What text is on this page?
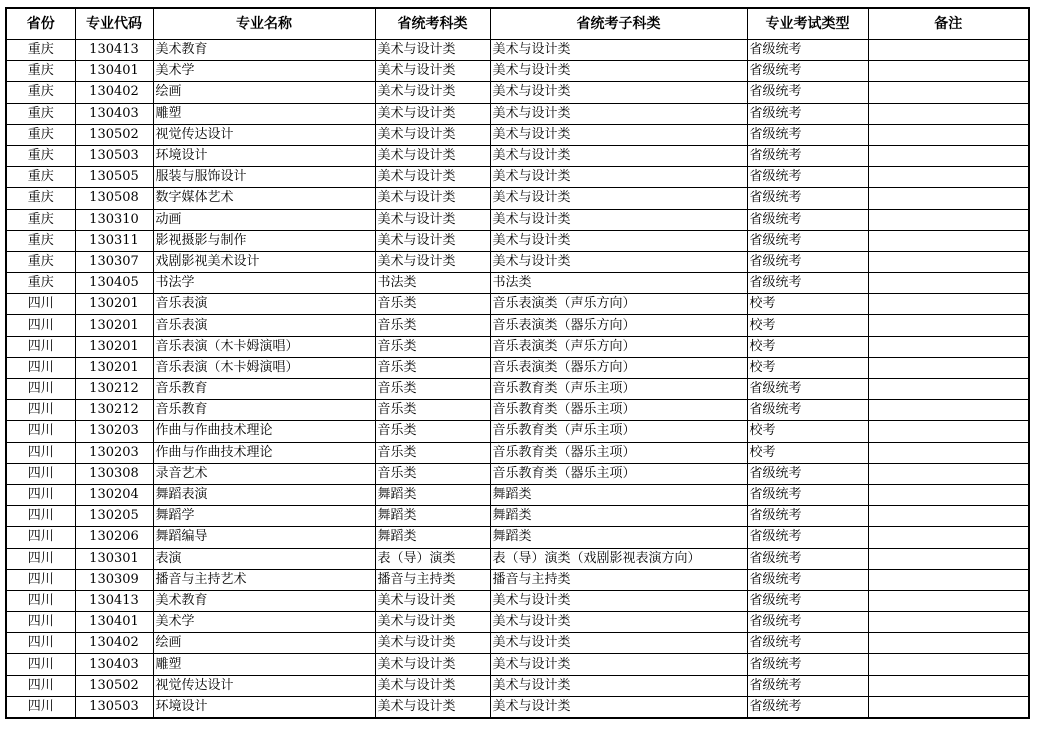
省份	专业代码	专业名称	省统考科类	省统考子科类	专业考试类型	备注
重庆	130413	美术教育	美术与设计类	美术与设计类	省级统考	
重庆	130401	美术学	美术与设计类	美术与设计类	省级统考	
重庆	130402	绘画	美术与设计类	美术与设计类	省级统考	
重庆	130403	雕塑	美术与设计类	美术与设计类	省级统考	
重庆	130502	视觉传达设计	美术与设计类	美术与设计类	省级统考	
重庆	130503	环境设计	美术与设计类	美术与设计类	省级统考	
重庆	130505	服装与服饰设计	美术与设计类	美术与设计类	省级统考	
重庆	130508	数字媒体艺术	美术与设计类	美术与设计类	省级统考	
重庆	130310	动画	美术与设计类	美术与设计类	省级统考	
重庆	130311	影视摄影与制作	美术与设计类	美术与设计类	省级统考	
重庆	130307	戏剧影视美术设计	美术与设计类	美术与设计类	省级统考	
重庆	130405	书法学	书法类	书法类	省级统考	
四川	130201	音乐表演	音乐类	音乐表演类（声乐方向）	校考	
四川	130201	音乐表演	音乐类	音乐表演类（器乐方向）	校考	
四川	130201	音乐表演（木卡姆演唱）	音乐类	音乐表演类（声乐方向）	校考	
四川	130201	音乐表演（木卡姆演唱）	音乐类	音乐表演类（器乐方向）	校考	
四川	130212	音乐教育	音乐类	音乐教育类（声乐主项）	省级统考	
四川	130212	音乐教育	音乐类	音乐教育类（器乐主项）	省级统考	
四川	130203	作曲与作曲技术理论	音乐类	音乐教育类（声乐主项）	校考	
四川	130203	作曲与作曲技术理论	音乐类	音乐教育类（器乐主项）	校考	
四川	130308	录音艺术	音乐类	音乐教育类（器乐主项）	省级统考	
四川	130204	舞蹈表演	舞蹈类	舞蹈类	省级统考	
四川	130205	舞蹈学	舞蹈类	舞蹈类	省级统考	
四川	130206	舞蹈编导	舞蹈类	舞蹈类	省级统考	
四川	130301	表演	表（导）演类	表（导）演类（戏剧影视表演方向）	省级统考	
四川	130309	播音与主持艺术	播音与主持类	播音与主持类	省级统考	
四川	130413	美术教育	美术与设计类	美术与设计类	省级统考	
四川	130401	美术学	美术与设计类	美术与设计类	省级统考	
四川	130402	绘画	美术与设计类	美术与设计类	省级统考	
四川	130403	雕塑	美术与设计类	美术与设计类	省级统考	
四川	130502	视觉传达设计	美术与设计类	美术与设计类	省级统考	
四川	130503	环境设计	美术与设计类	美术与设计类	省级统考	
